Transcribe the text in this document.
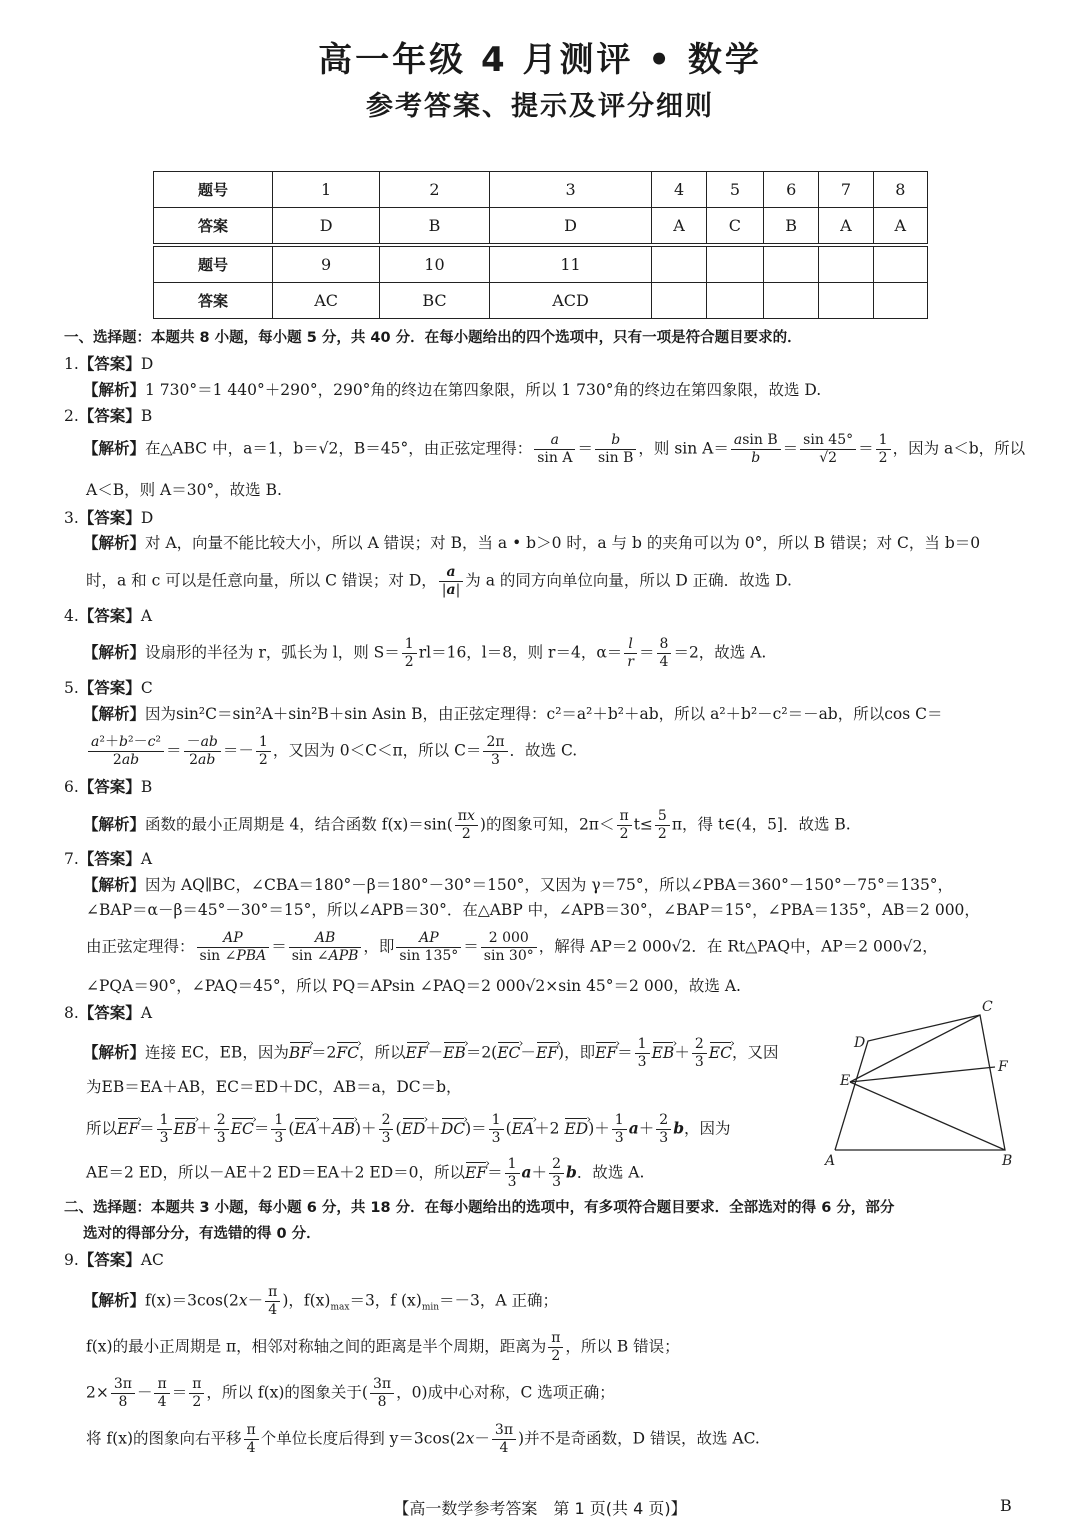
高一年级 4 月测评 • 数学
参考答案、提示及评分细则
题号	1	2	3	4	5	6	7	8
答案	D	B	D	A	C	B	A	A
题号	9	10	11					
答案	AC	BC	ACD					
一、选择题：本题共 8 小题，每小题 5 分，共 40 分．在每小题给出的四个选项中，只有一项是符合题目要求的．
1.【答案】D
【解析】1 730°＝1 440°＋290°，290°角的终边在第四象限，所以 1 730°角的终边在第四象限，故选 D.
2.【答案】B
【解析】在△ABC 中，a＝1，b＝√2，B＝45°，由正弦定理得： $\frac{a}{\text{sin A}} = \frac{b}{\text{sin B}}$ ，则 $\sin A= \frac{\text{asin B}}{b} = \frac{\sin 45^\circ}{√2} = \frac{1}{2}$ ，因为 a＜b，所以
A＜B，则 A＝30°，故选 B.
3.【答案】D
【解析】对 A，向量不能比较大小，所以 A 错误；对 B，当 a • b＞0 时，a 与 b 的夹角可以为 0°，所以 B 错误；对 C，当 b＝0
时，a 和 c 可以是任意向量，所以 C 错误；对 D， $\frac{a}{|a|}$ 为 a 的同方向单位向量，所以 D 正确．故选 D.
4.【答案】A
【解析】设扇形的半径为 r，弧长为 l，则 $S= \frac{1}{2} rl=16$，l＝8，则 r＝4，$\alpha= \frac{l}{r} = \frac{8}{4} =2$，故选 A.
5.【答案】C
【解析】因为sin²C＝sin²A＋sin²B＋sin Asin B，由正弦定理得：c²＝a²＋b²＋ab，所以 a²＋b²－c²＝－ab，所以cos C＝
$\frac{\text{a²＋b²－c²}}{2ab} = \frac{-ab}{2ab} =- \frac{1}{2}$ ，又因为 0＜C＜π，所以 $C= \frac{2\pi}{3}$ ．故选 C.
6.【答案】B
【解析】函数的最小正周期是 4，结合函数 $f(x)=\sin( \frac{\pi x}{2}$ )的图象可知，$2\pi< \frac{\pi}{2} t\le \frac{5}{2}$ π，得 t∈(4，5]．故选 B.
7.【答案】A
【解析】因为 AQ∥BC，∠CBA＝180°－β＝180°－30°＝150°，又因为 γ＝75°，所以∠PBA＝360°－150°－75°＝135°，
∠BAP＝α－β＝45°－30°＝15°，所以∠APB＝30°．在△ABP 中，∠APB＝30°，∠BAP＝15°，∠PBA＝135°，AB＝2 000，
由正弦定理得： $\frac{AP}{\text{sin ∠PBA}} = \frac{AB}{\text{sin ∠APB}}$ ，即 $\frac{AP}{\sin 135^\circ} = \frac{2 000}{\sin 30^\circ}$ ，解得 AP＝2 000√2．在 Rt△PAQ中，AP＝2 000√2，
∠PQA＝90°，∠PAQ＝45°，所以 PQ＝APsin ∠PAQ＝2 000√2×sin 45°＝2 000，故选 A.
8.【答案】A
【解析】连接 EC，EB，因为BF ›＝2FC ›，所以EF ›－EB ›＝2(EC ›－EF ›)，即EF ›＝ $\frac{1}{3}$ EB ›＋ $\frac{2}{3}$ EC ›，又因
为EB＝EA＋AB，EC＝ED＋DC，AB＝a，DC＝b，
所以EF ›＝ $\frac{1}{3}$ EB ›＋ $\frac{2}{3}$ EC ›＝ $\frac{1}{3} (EA$ ›＋AB ›)＋ $\frac{2}{3} (ED$ ›＋DC ›)＝ $\frac{1}{3} (EA$ ›＋2 ED ›)＋ $\frac{1}{3} a+ \frac{2}{3}$ b，因为
AE＝2 ED，所以－AE＋2 ED＝EA＋2 ED＝0，所以EF ›＝ $\frac{1}{3} a+ \frac{2}{3}$ b．故选 A.
C
D
F
E
A	B
二、选择题：本题共 3 小题，每小题 6 分，共 18 分．在每小题给出的选项中，有多项符合题目要求．全部选对的得 6 分，部分
选对的得部分分，有选错的得 0 分．
9.【答案】AC
【解析】$f(x)=3\cos(2x- \frac{\pi}{4}$ )，$f(x)_{max}=3$，f $(x)_{min}=-3$，A 正确；
f(x)的最小正周期是 π，相邻对称轴之间的距离是半个周期，距离为 $\frac{\pi}{2}$ ，所以 B 错误；
$2\times \frac{3\pi}{8} - \frac{\pi}{4} = \frac{\pi}{2}$ ，所以 f(x)的图象关于( $\frac{3\pi}{8}$ ，0)成中心对称，C 选项正确；
将 f(x)的图象向右平移 $\frac{\pi}{4}$ 个单位长度后得到 $y=3\cos(2x- \frac{3\pi}{4}$ )并不是奇函数，D 错误，故选 AC.
【高一数学参考答案　第 1 页(共 4 页)】	B
